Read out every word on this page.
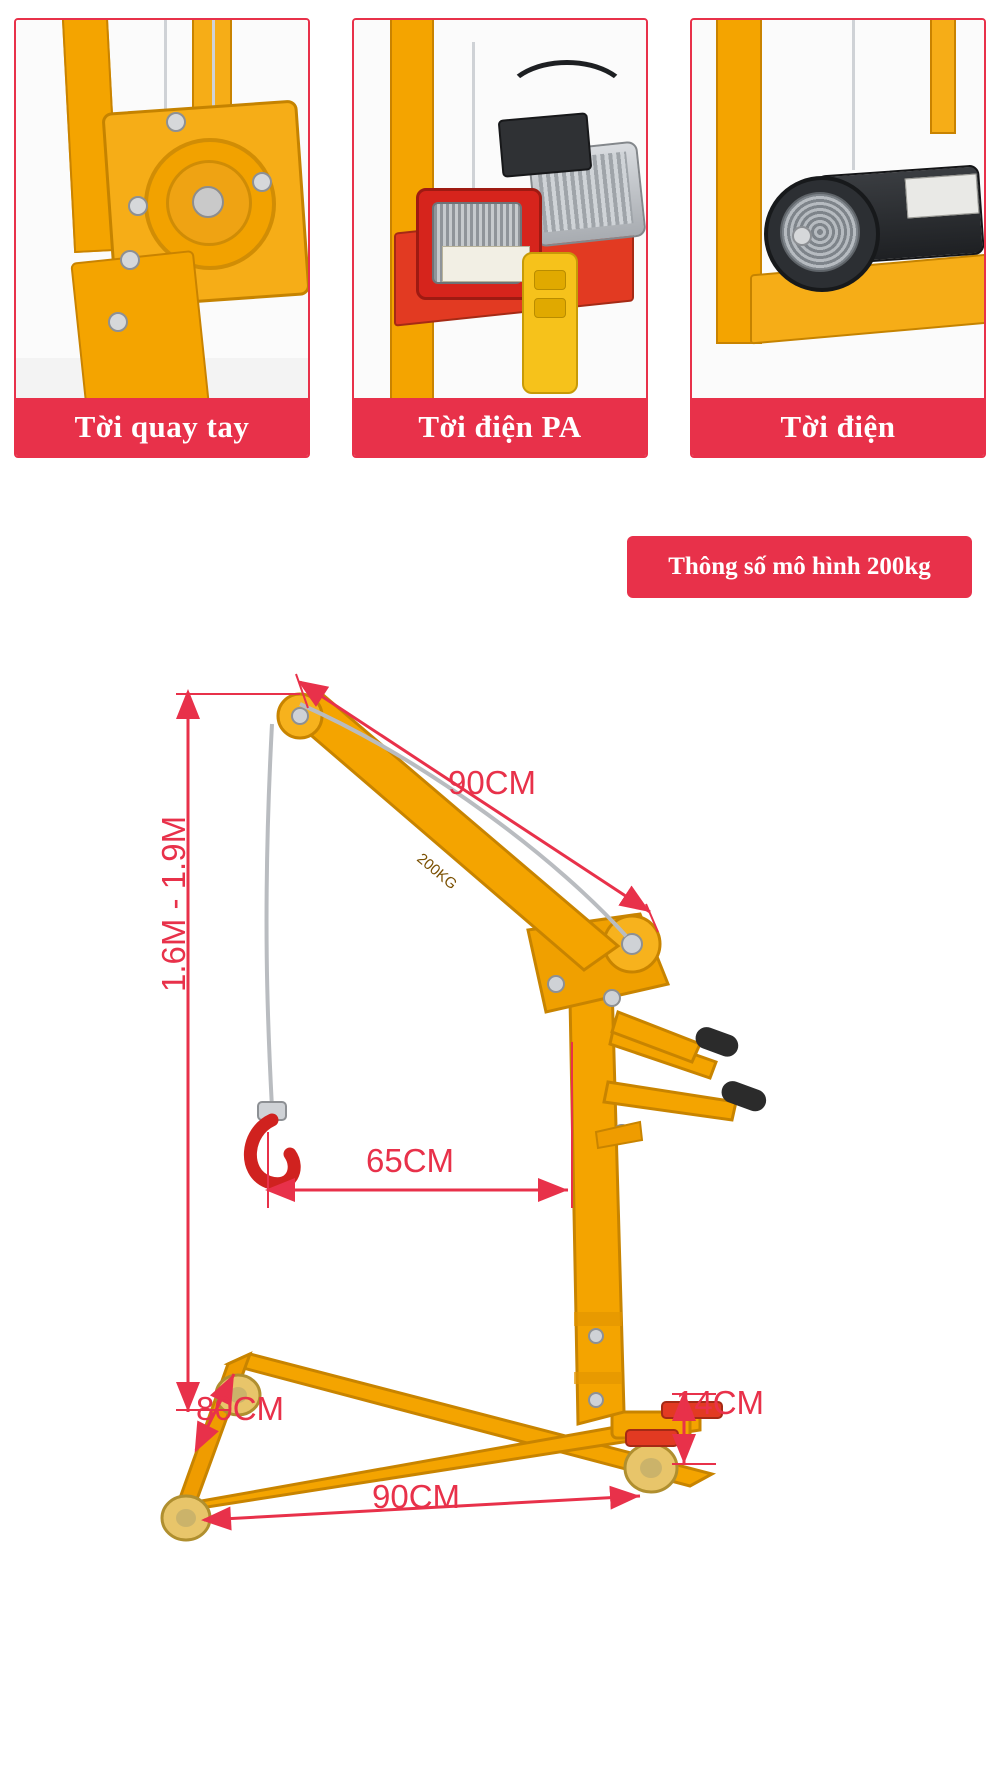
Tời quay tay	Tời điện PA	Tời điện
Thông số mô hình 200kg
200KG
90CM
1.6M - 1.9M
65CM
80CM	14CM
90CM
